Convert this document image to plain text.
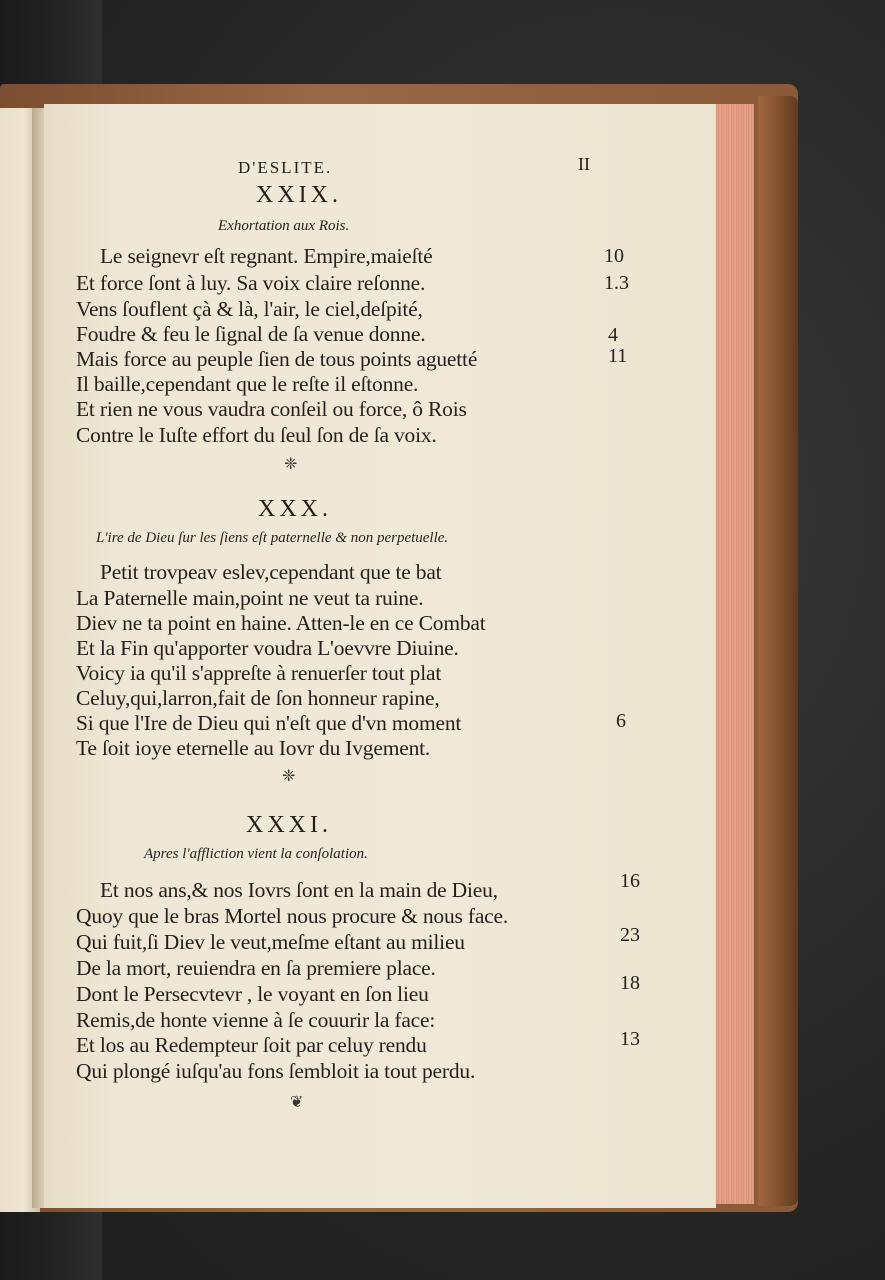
D'ESLITE.	II
XXIX.
Exhortation aux Rois.
Le seignevr eſt regnant. Empire,maieſté
Et force ſont à luy. Sa voix claire reſonne.
Vens ſouflent çà & là, l'air, le ciel,deſpité,
Foudre & feu le ſignal de ſa venue donne.
Mais force au peuple ſien de tous points aguetté
Il baille,cependant que le reſte il eſtonne.
Et rien ne vous vaudra conſeil ou force, ô Rois
Contre le Iuſte effort du ſeul ſon de ſa voix.
10
1.3
4
11
❈
XXX.
L'ire de Dieu ſur les ſiens eſt paternelle & non perpetuelle.
Petit trovpeav eslev,cependant que te bat
La Paternelle main,point ne veut ta ruine.
Diev ne ta point en haine. Atten-le en ce Combat
Et la Fin qu'apporter voudra L'oevvre Diuine.
Voicy ia qu'il s'appreſte à renuerſer tout plat
Celuy,qui,larron,fait de ſon honneur rapine,
Si que l'Ire de Dieu qui n'eſt que d'vn moment
Te ſoit ioye eternelle au Iovr du Ivgement.
6
❈
XXXI.
Apres l'affliction vient la conſolation.
Et nos ans,& nos Iovrs ſont en la main de Dieu,
Quoy que le bras Mortel nous procure & nous face.
Qui fuit,ſi Diev le veut,meſme eſtant au milieu
De la mort, reuiendra en ſa premiere place.
Dont le Persecvtevr , le voyant en ſon lieu
Remis,de honte vienne à ſe couurir la face:
Et los au Redempteur ſoit par celuy rendu
Qui plongé iuſqu'au fons ſembloit ia tout perdu.
16
23
18
13
❦
